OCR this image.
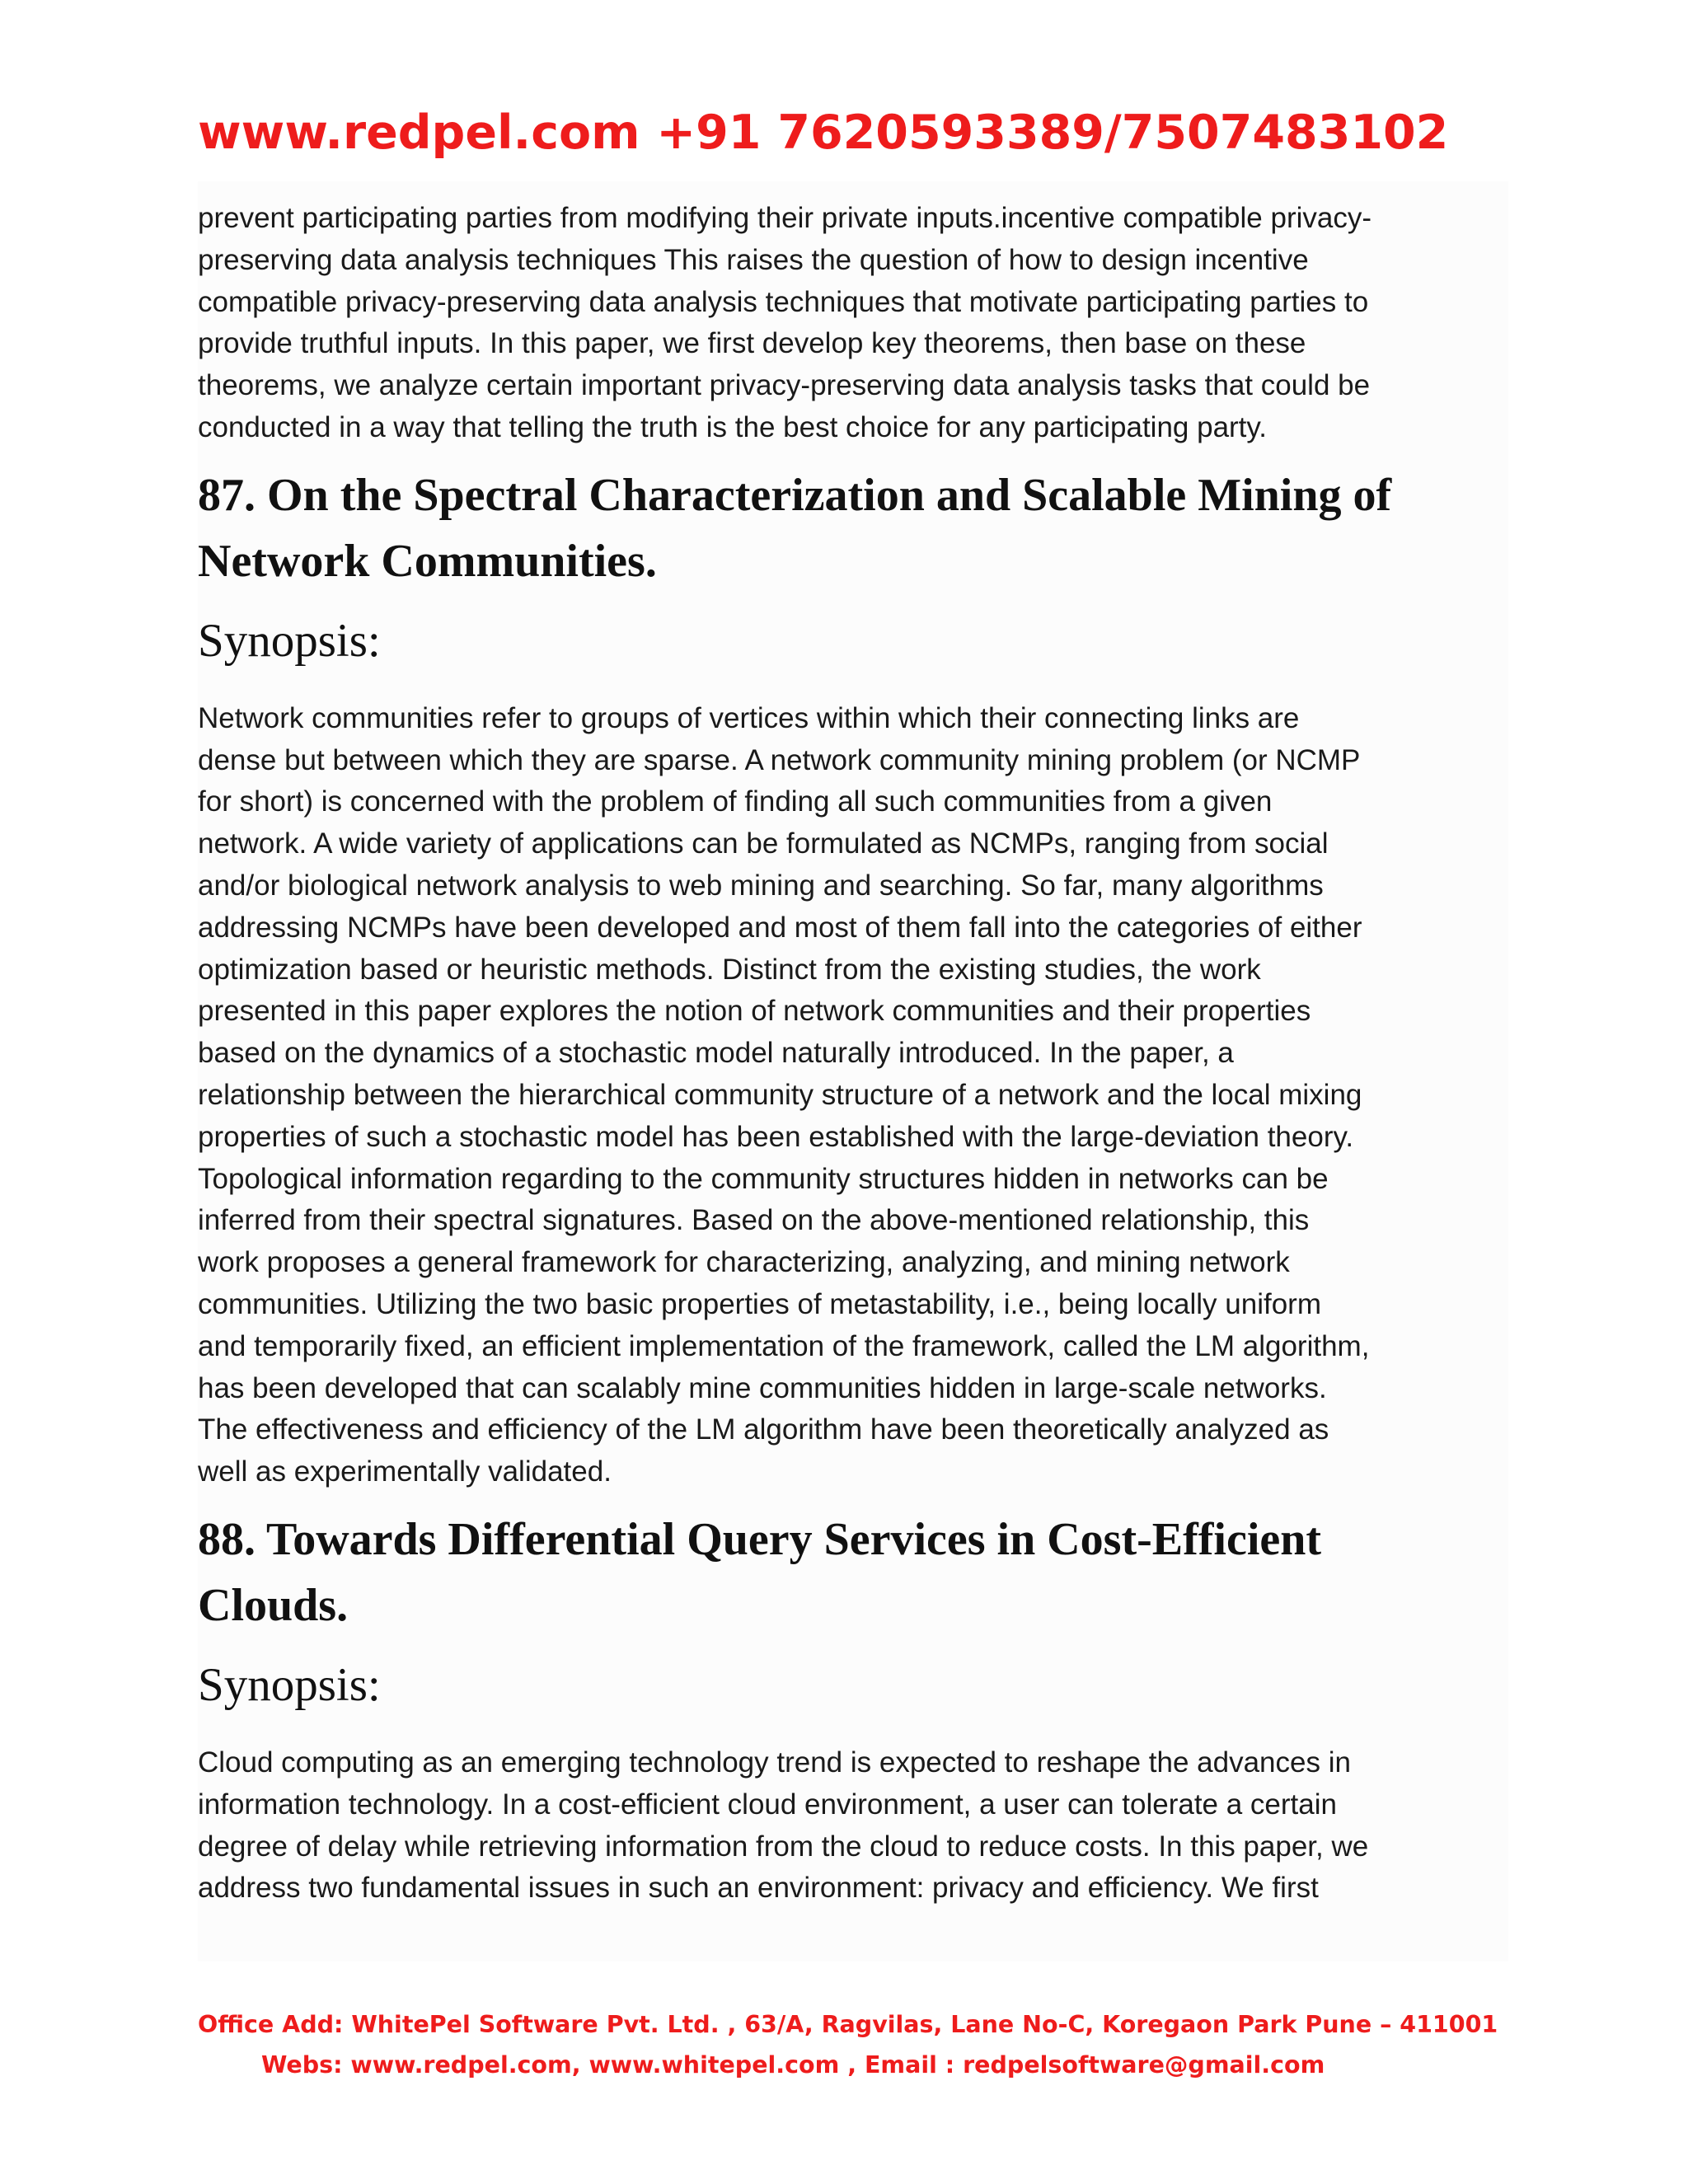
www.redpel.com +91 7620593389/7507483102
prevent participating parties from modifying their private inputs.incentive compatible privacy-
preserving data analysis techniques This raises the question of how to design incentive
compatible privacy-preserving data analysis techniques that motivate participating parties to
provide truthful inputs. In this paper, we first develop key theorems, then base on these
theorems, we analyze certain important privacy-preserving data analysis tasks that could be
conducted in a way that telling the truth is the best choice for any participating party.
87. On the Spectral Characterization and Scalable Mining of
Network Communities.
Synopsis:
Network communities refer to groups of vertices within which their connecting links are
dense but between which they are sparse. A network community mining problem (or NCMP
for short) is concerned with the problem of finding all such communities from a given
network. A wide variety of applications can be formulated as NCMPs, ranging from social
and/or biological network analysis to web mining and searching. So far, many algorithms
addressing NCMPs have been developed and most of them fall into the categories of either
optimization based or heuristic methods. Distinct from the existing studies, the work
presented in this paper explores the notion of network communities and their properties
based on the dynamics of a stochastic model naturally introduced. In the paper, a
relationship between the hierarchical community structure of a network and the local mixing
properties of such a stochastic model has been established with the large-deviation theory.
Topological information regarding to the community structures hidden in networks can be
inferred from their spectral signatures. Based on the above-mentioned relationship, this
work proposes a general framework for characterizing, analyzing, and mining network
communities. Utilizing the two basic properties of metastability, i.e., being locally uniform
and temporarily fixed, an efficient implementation of the framework, called the LM algorithm,
has been developed that can scalably mine communities hidden in large-scale networks.
The effectiveness and efficiency of the LM algorithm have been theoretically analyzed as
well as experimentally validated.
88. Towards Differential Query Services in Cost-Efficient
Clouds.
Synopsis:
Cloud computing as an emerging technology trend is expected to reshape the advances in
information technology. In a cost-efficient cloud environment, a user can tolerate a certain
degree of delay while retrieving information from the cloud to reduce costs. In this paper, we
address two fundamental issues in such an environment: privacy and efficiency. We first
Office Add: WhitePel Software Pvt. Ltd. , 63/A, Ragvilas, Lane No-C, Koregaon Park Pune – 411001
Webs: www.redpel.com, www.whitepel.com , Email : redpelsoftware@gmail.com
